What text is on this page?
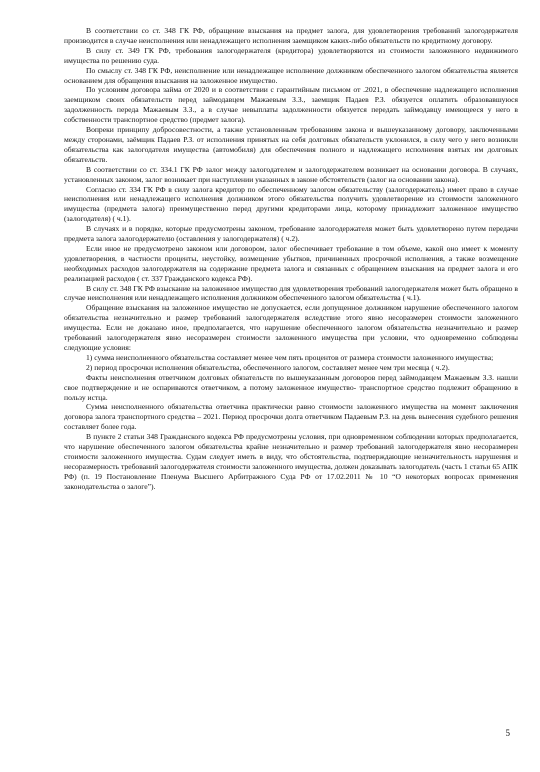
В соответствии со ст. 348 ГК РФ, обращение взыскания на предмет залога, для удовлетворения требований залогодержателя производится в случае неисполнения или ненадлежащего исполнения заемщиком каких-либо обязательств по кредитному договору.

В силу ст. 349 ГК РФ, требования залогодержателя (кредитора) удовлетворяются из стоимости заложенного недвижимого имущества по решению суда.

По смыслу ст. 348 ГК РФ, неисполнение или ненадлежащее исполнение должником обеспеченного залогом обязательства является основанием для обращения взыскания на заложенное имущество.

По условиям договора займа от 2020 и в соответствии с гарантийным письмом от .2021, в обеспечение надлежащего исполнения заемщиком своих обязательств перед займодавцем Мажаевым З.З., заемщик Падаев Р.З. обязуется оплатить образовавшуюся задолженность переда Мажаевым З.З., а в случае невыплаты задолженности обязуется передать займодавцу имеющееся у него в собственности транспортное средство (предмет залога).

Вопреки принципу добросовестности, а также установленным требованиям закона и вышеуказанному договору, заключенными между сторонами, заёмщик Падаев Р.З. от исполнения принятых на себя долговых обязательств уклонился, в силу чего у него возникли обязательства как залогодателя имущества (автомобиля) для обеспечения полного и надлежащего исполнения взятых им долговых обязательств.

В соответствии со ст. 334.1 ГК РФ залог между залогодателем и залогодержателем возникает на основании договора. В случаях, установленных законом, залог возникает при наступлении указанных в законе обстоятельств (залог на основании закона).

Согласно ст. 334 ГК РФ в силу залога кредитор по обеспеченному залогом обязательству (залогодержатель) имеет право в случае неисполнения или ненадлежащего исполнения должником этого обязательства получить удовлетворение из стоимости заложенного имущества (предмета залога) преимущественно перед другими кредиторами лица, которому принадлежит заложенное имущество (залогодателя) ( ч.1).

В случаях и в порядке, которые предусмотрены законом, требование залогодержателя может быть удовлетворено путем передачи предмета залога залогодержателю (оставления у залогодержателя) ( ч.2).

Если иное не предусмотрено законом или договором, залог обеспечивает требование в том объеме, какой оно имеет к моменту удовлетворения, в частности проценты, неустойку, возмещение убытков, причиненных просрочкой исполнения, а также возмещение необходимых расходов залогодержателя на содержание предмета залога и связанных с обращением взыскания на предмет залога и его реализацией расходов ( ст. 337 Гражданского кодекса РФ).

В силу ст. 348 ГК РФ взыскание на заложенное имущество для удовлетворения требований залогодержателя может быть обращено в случае неисполнения или ненадлежащего исполнения должником обеспеченного залогом обязательства ( ч.1).

Обращение взыскания на заложенное имущество не допускается, если допущенное должником нарушение обеспеченного залогом обязательства незначительно и размер требований залогодержателя вследствие этого явно несоразмерен стоимости заложенного имущества. Если не доказано иное, предполагается, что нарушение обеспеченного залогом обязательства незначительно и размер требований залогодержателя явно несоразмерен стоимости заложенного имущества при условии, что одновременно соблюдены следующие условия:

1) сумма неисполненного обязательства составляет менее чем пять процентов от размера стоимости заложенного имущества;

2) период просрочки исполнения обязательства, обеспеченного залогом, составляет менее чем три месяца ( ч.2).

Факты неисполнения ответчиком долговых обязательств по вышеуказанным договоров перед займодавцем Мажаевым З.З. нашли свое подтверждение и не оспариваются ответчиком, а потому заложенное имущество- транспортное средство подлежит обращению в пользу истца.

Сумма неисполненного обязательства ответчика практически равно стоимости заложенного имущества на момент заключения договора залога транспортного средства – 2021. Период просрочки долга ответчиком Падаевым Р.З. на день вынесения судебного решения составляет более года.

В пункте 2 статьи 348 Гражданского кодекса РФ предусмотрены условия, при одновременном соблюдении которых предполагается, что нарушение обеспеченного залогом обязательства крайне незначительно и размер требований залогодержателя явно несоразмерен стоимости заложенного имущества. Судам следует иметь в виду, что обстоятельства, подтверждающие незначительность нарушения и несоразмерность требований залогодержателя стоимости заложенного имущества, должен доказывать залогодатель (часть 1 статьи 65 АПК РФ) (п. 19 Постановление Пленума Высшего Арбитражного Суда РФ от 17.02.2011 № 10 “О некоторых вопросах применения законодательства о залоге”).

5
